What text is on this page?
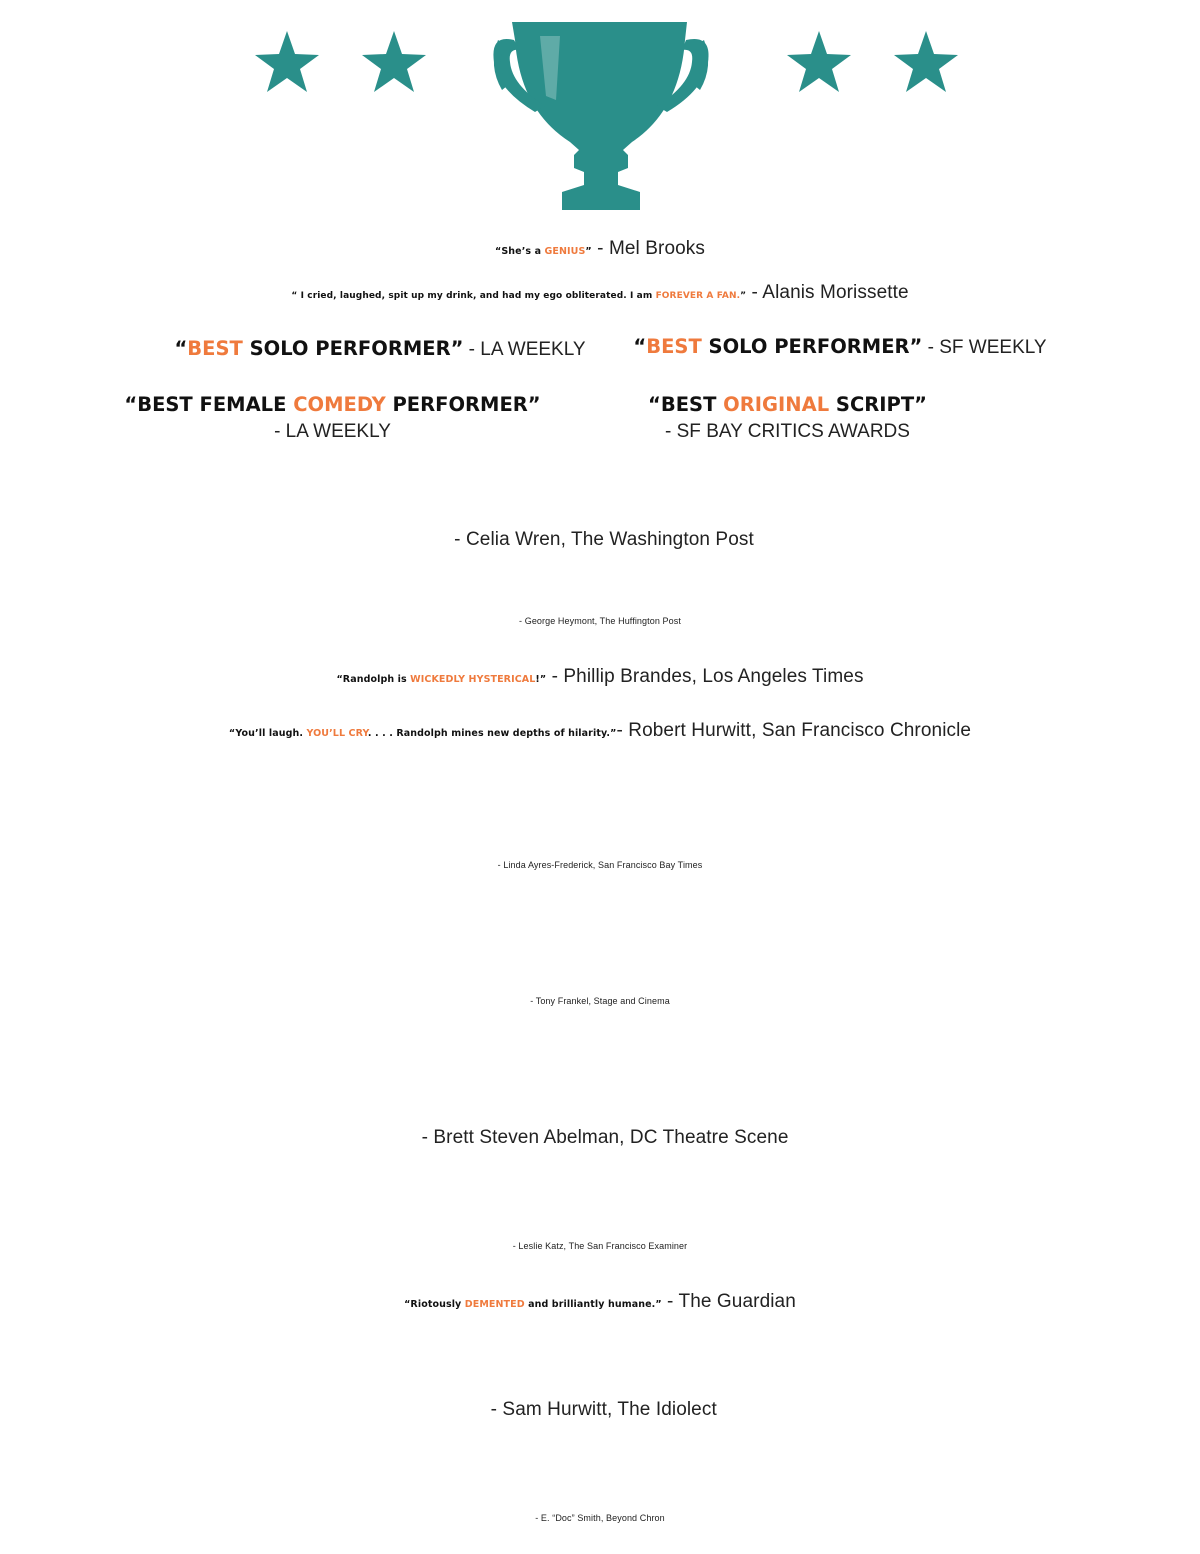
“She’s a GENIUS” - Mel Brooks
“ I cried, laughed, spit up my drink, and had my ego obliterated. I am FOREVER A FAN.” - Alanis Morissette
“BEST SOLO PERFORMER” - LA WEEKLY	“BEST SOLO PERFORMER” - SF WEEKLY
“BEST FEMALE COMEDY PERFORMER”
- LA WEEKLY
“BEST ORIGINAL SCRIPT”
- SF BAY CRITICS AWARDS
- Celia Wren, The Washington Post
- George Heymont, The Huffington Post
“Randolph is WICKEDLY HYSTERICAL!” - Phillip Brandes, Los Angeles Times
“You’ll laugh. YOU’LL CRY. . . . Randolph mines new depths of hilarity.”- Robert Hurwitt, San Francisco Chronicle
- Linda Ayres-Frederick, San Francisco Bay Times
- Tony Frankel, Stage and Cinema
- Brett Steven Abelman, DC Theatre Scene
- Leslie Katz, The San Francisco Examiner
“Riotously DEMENTED and brilliantly humane.” - The Guardian
- Sam Hurwitt, The Idiolect
- E. “Doc” Smith, Beyond Chron
